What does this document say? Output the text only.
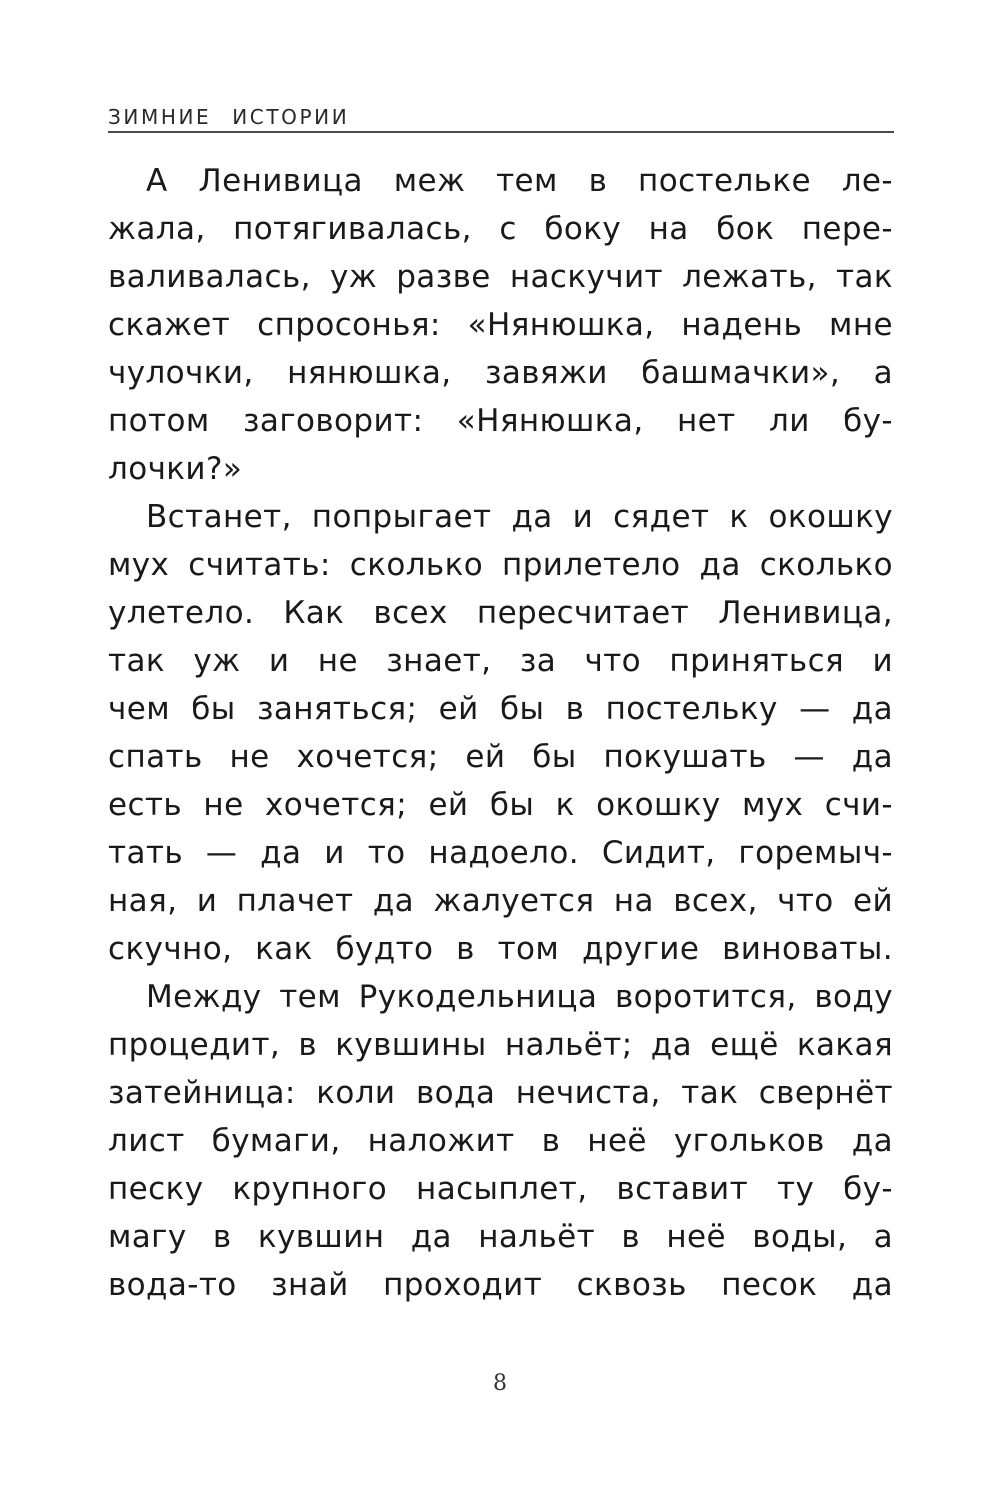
ЗИМНИЕ ИСТОРИИ
А Ленивица меж тем в постельке ле-
жала, потягивалась, с боку на бок пере-
валивалась, уж разве наскучит лежать, так
скажет спросонья: «Нянюшка, надень мне
чулочки, нянюшка, завяжи башмачки», а
потом заговорит: «Нянюшка, нет ли бу-
лочки?»
Встанет, попрыгает да и сядет к окошку
мух считать: сколько прилетело да сколько
улетело. Как всех пересчитает Ленивица,
так уж и не знает, за что приняться и
чем бы заняться; ей бы в постельку — да
спать не хочется; ей бы покушать — да
есть не хочется; ей бы к окошку мух счи-
тать — да и то надоело. Сидит, горемыч-
ная, и плачет да жалуется на всех, что ей
скучно, как будто в том другие виноваты.
Между тем Рукодельница воротится, воду
процедит, в кувшины нальёт; да ещё какая
затейница: коли вода нечиста, так свернёт
лист бумаги, наложит в неё угольков да
песку крупного насыплет, вставит ту бу-
магу в кувшин да нальёт в неё воды, а
вода-то знай проходит сквозь песок да
8
